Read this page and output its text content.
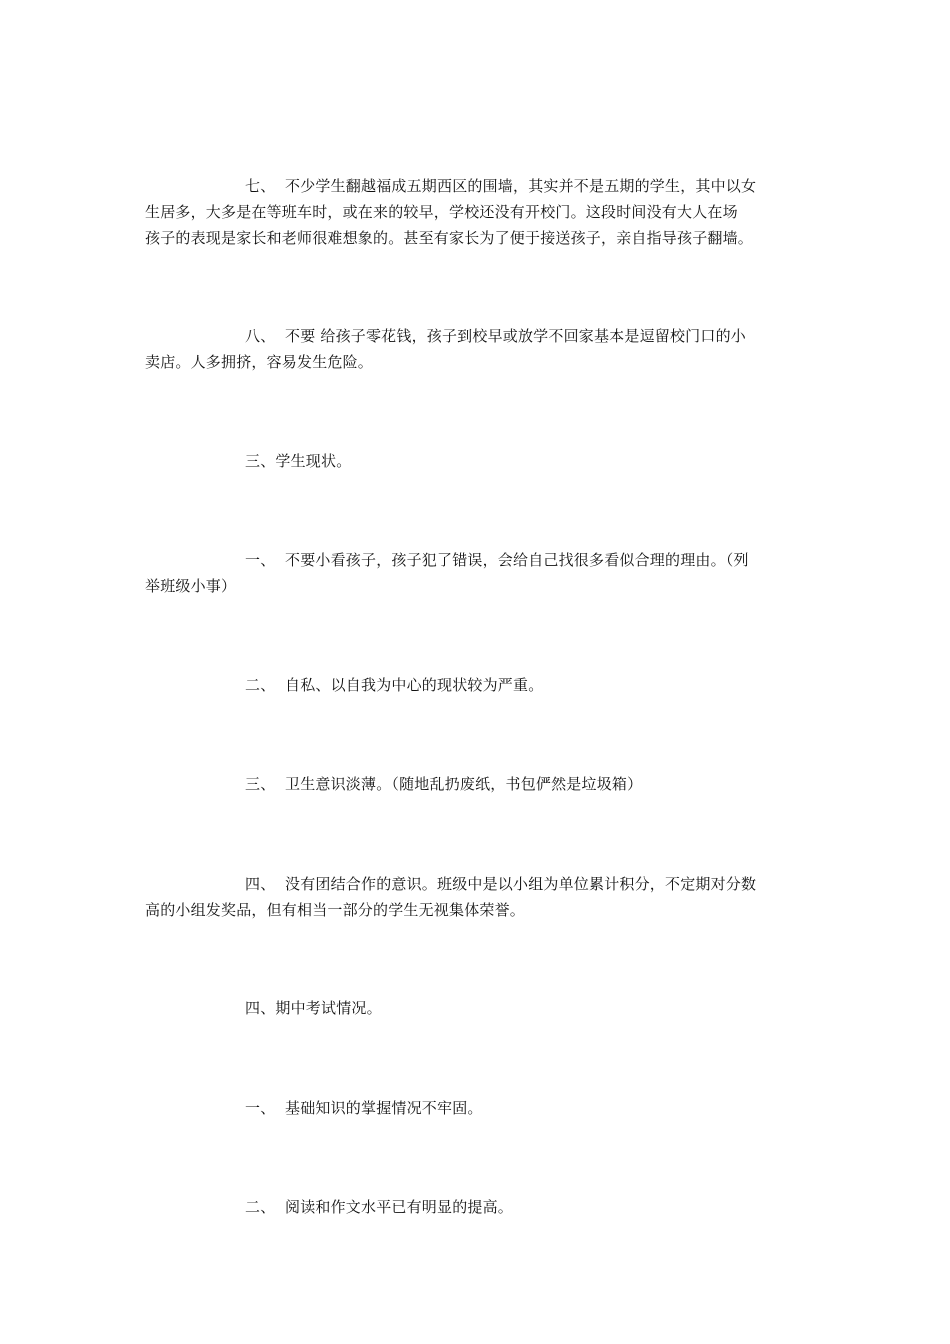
七、 不少学生翻越福成五期西区的围墙，其实并不是五期的学生，其中以女
生居多，大多是在等班车时，或在来的较早，学校还没有开校门。这段时间没有大人在场
孩子的表现是家长和老师很难想象的。甚至有家长为了便于接送孩子，亲自指导孩子翻墙。
八、 不要 给孩子零花钱，孩子到校早或放学不回家基本是逗留校门口的小
卖店。人多拥挤，容易发生危险。
三、学生现状。
一、 不要小看孩子，孩子犯了错误，会给自己找很多看似合理的理由。（列
举班级小事）
二、 自私、以自我为中心的现状较为严重。
三、 卫生意识淡薄。（随地乱扔废纸，书包俨然是垃圾箱）
四、 没有团结合作的意识。班级中是以小组为单位累计积分，不定期对分数
高的小组发奖品，但有相当一部分的学生无视集体荣誉。
四、期中考试情况。
一、 基础知识的掌握情况不牢固。
二、 阅读和作文水平已有明显的提高。
